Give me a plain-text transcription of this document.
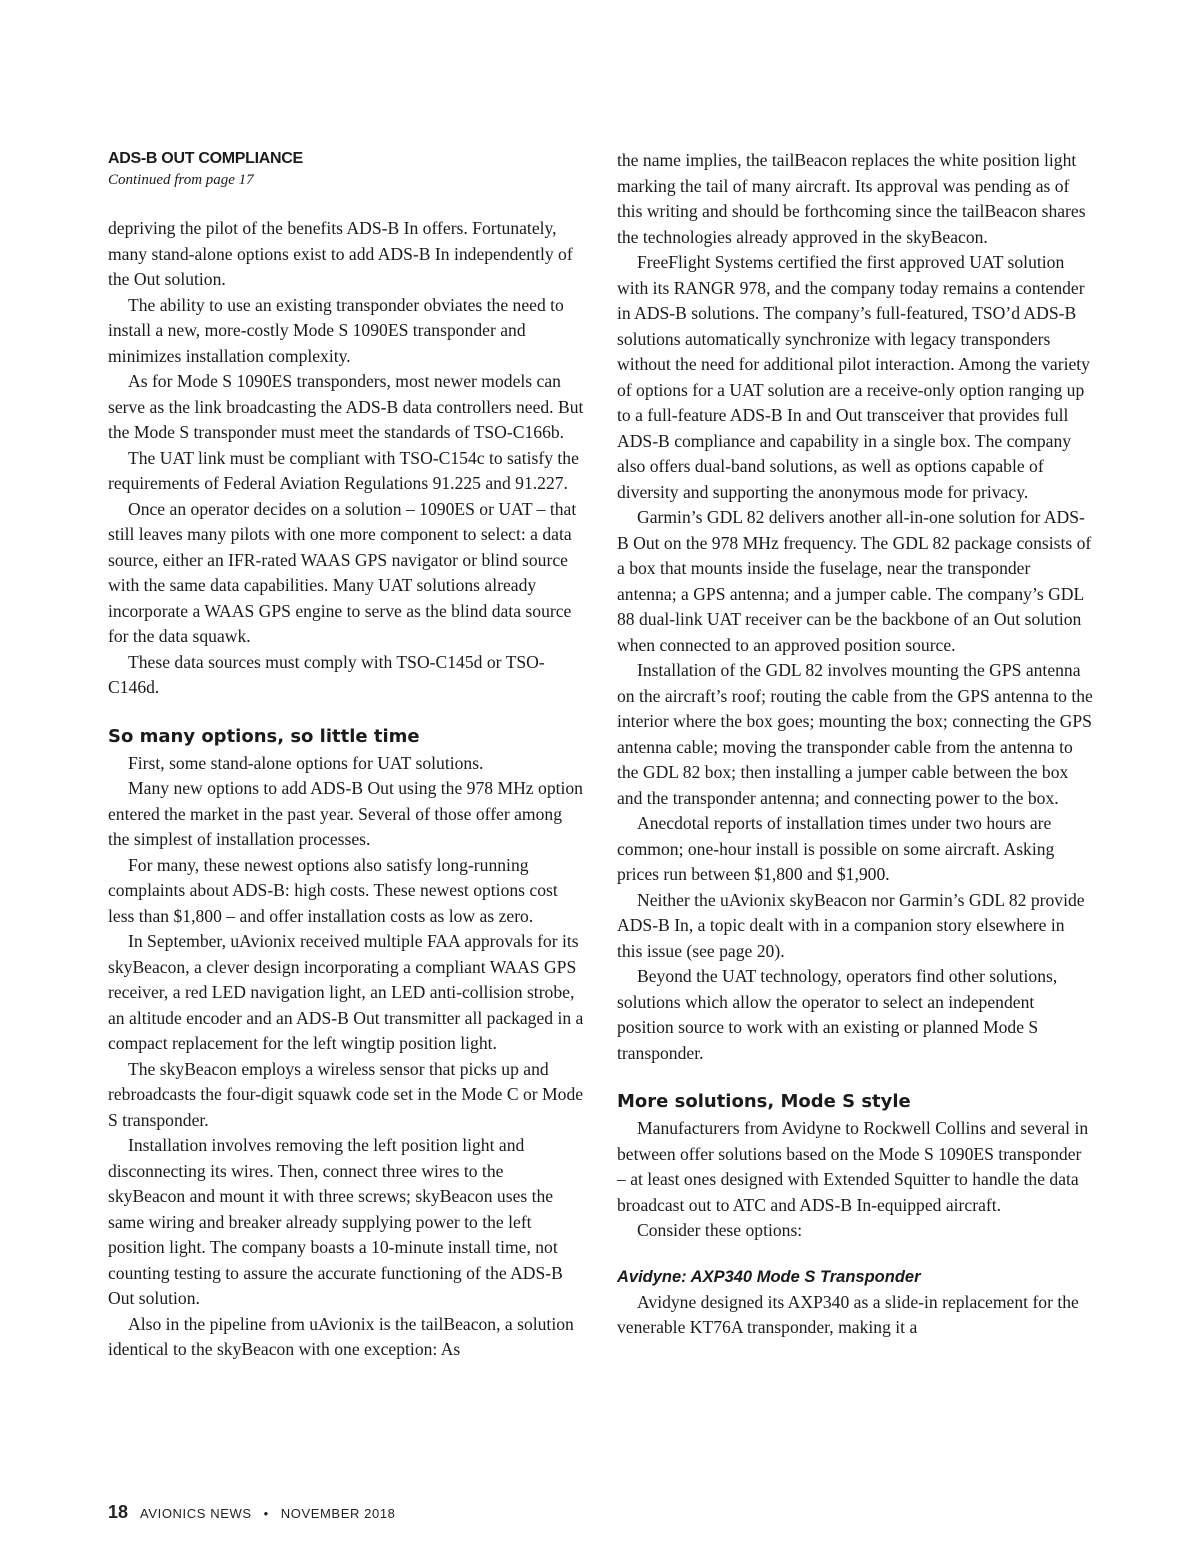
ADS-B OUT COMPLIANCE

Continued from page 17

depriving the pilot of the benefits ADS-B In offers. Fortunately, many stand-alone options exist to add ADS-B In independently of the Out solution.

The ability to use an existing transponder obviates the need to install a new, more-costly Mode S 1090ES transponder and minimizes installation complexity.

As for Mode S 1090ES transponders, most newer models can serve as the link broadcasting the ADS-B data controllers need. But the Mode S transponder must meet the standards of TSO-C166b.

The UAT link must be compliant with TSO-C154c to satisfy the requirements of Federal Aviation Regulations 91.225 and 91.227.

Once an operator decides on a solution – 1090ES or UAT – that still leaves many pilots with one more component to select: a data source, either an IFR-rated WAAS GPS navigator or blind source with the same data capabilities. Many UAT solutions already incorporate a WAAS GPS engine to serve as the blind data source for the data squawk.

These data sources must comply with TSO-C145d or TSO-C146d.

So many options, so little time

First, some stand-alone options for UAT solutions.

Many new options to add ADS-B Out using the 978 MHz option entered the market in the past year. Several of those offer among the simplest of installation processes.

For many, these newest options also satisfy long-running complaints about ADS-B: high costs. These newest options cost less than $1,800 – and offer installation costs as low as zero.

In September, uAvionix received multiple FAA approvals for its skyBeacon, a clever design incorporating a compliant WAAS GPS receiver, a red LED navigation light, an LED anti-collision strobe, an altitude encoder and an ADS-B Out transmitter all packaged in a compact replacement for the left wingtip position light.

The skyBeacon employs a wireless sensor that picks up and rebroadcasts the four-digit squawk code set in the Mode C or Mode S transponder.

Installation involves removing the left position light and disconnecting its wires. Then, connect three wires to the skyBeacon and mount it with three screws; skyBeacon uses the same wiring and breaker already supplying power to the left position light. The company boasts a 10-minute install time, not counting testing to assure the accurate functioning of the ADS-B Out solution.

Also in the pipeline from uAvionix is the tailBeacon, a solution identical to the skyBeacon with one exception: As

the name implies, the tailBeacon replaces the white position light marking the tail of many aircraft. Its approval was pending as of this writing and should be forthcoming since the tailBeacon shares the technologies already approved in the skyBeacon.

FreeFlight Systems certified the first approved UAT solution with its RANGR 978, and the company today remains a contender in ADS-B solutions. The company’s full-featured, TSO’d ADS-B solutions automatically synchronize with legacy transponders without the need for additional pilot interaction. Among the variety of options for a UAT solution are a receive-only option ranging up to a full-feature ADS-B In and Out transceiver that provides full ADS-B compliance and capability in a single box. The company also offers dual-band solutions, as well as options capable of diversity and supporting the anonymous mode for privacy.

Garmin’s GDL 82 delivers another all-in-one solution for ADS-B Out on the 978 MHz frequency. The GDL 82 package consists of a box that mounts inside the fuselage, near the transponder antenna; a GPS antenna; and a jumper cable. The company’s GDL 88 dual-link UAT receiver can be the backbone of an Out solution when connected to an approved position source.

Installation of the GDL 82 involves mounting the GPS antenna on the aircraft’s roof; routing the cable from the GPS antenna to the interior where the box goes; mounting the box; connecting the GPS antenna cable; moving the transponder cable from the antenna to the GDL 82 box; then installing a jumper cable between the box and the transponder antenna; and connecting power to the box.

Anecdotal reports of installation times under two hours are common; one-hour install is possible on some aircraft. Asking prices run between $1,800 and $1,900.

Neither the uAvionix skyBeacon nor Garmin’s GDL 82 provide ADS-B In, a topic dealt with in a companion story elsewhere in this issue (see page 20).

Beyond the UAT technology, operators find other solutions, solutions which allow the operator to select an independent position source to work with an existing or planned Mode S transponder.

More solutions, Mode S style

Manufacturers from Avidyne to Rockwell Collins and several in between offer solutions based on the Mode S 1090ES transponder – at least ones designed with Extended Squitter to handle the data broadcast out to ATC and ADS-B In-equipped aircraft.

Consider these options:

Avidyne: AXP340 Mode S Transponder

Avidyne designed its AXP340 as a slide-in replacement for the venerable KT76A transponder, making it a

18 AVIONICS NEWS • NOVEMBER 2018
